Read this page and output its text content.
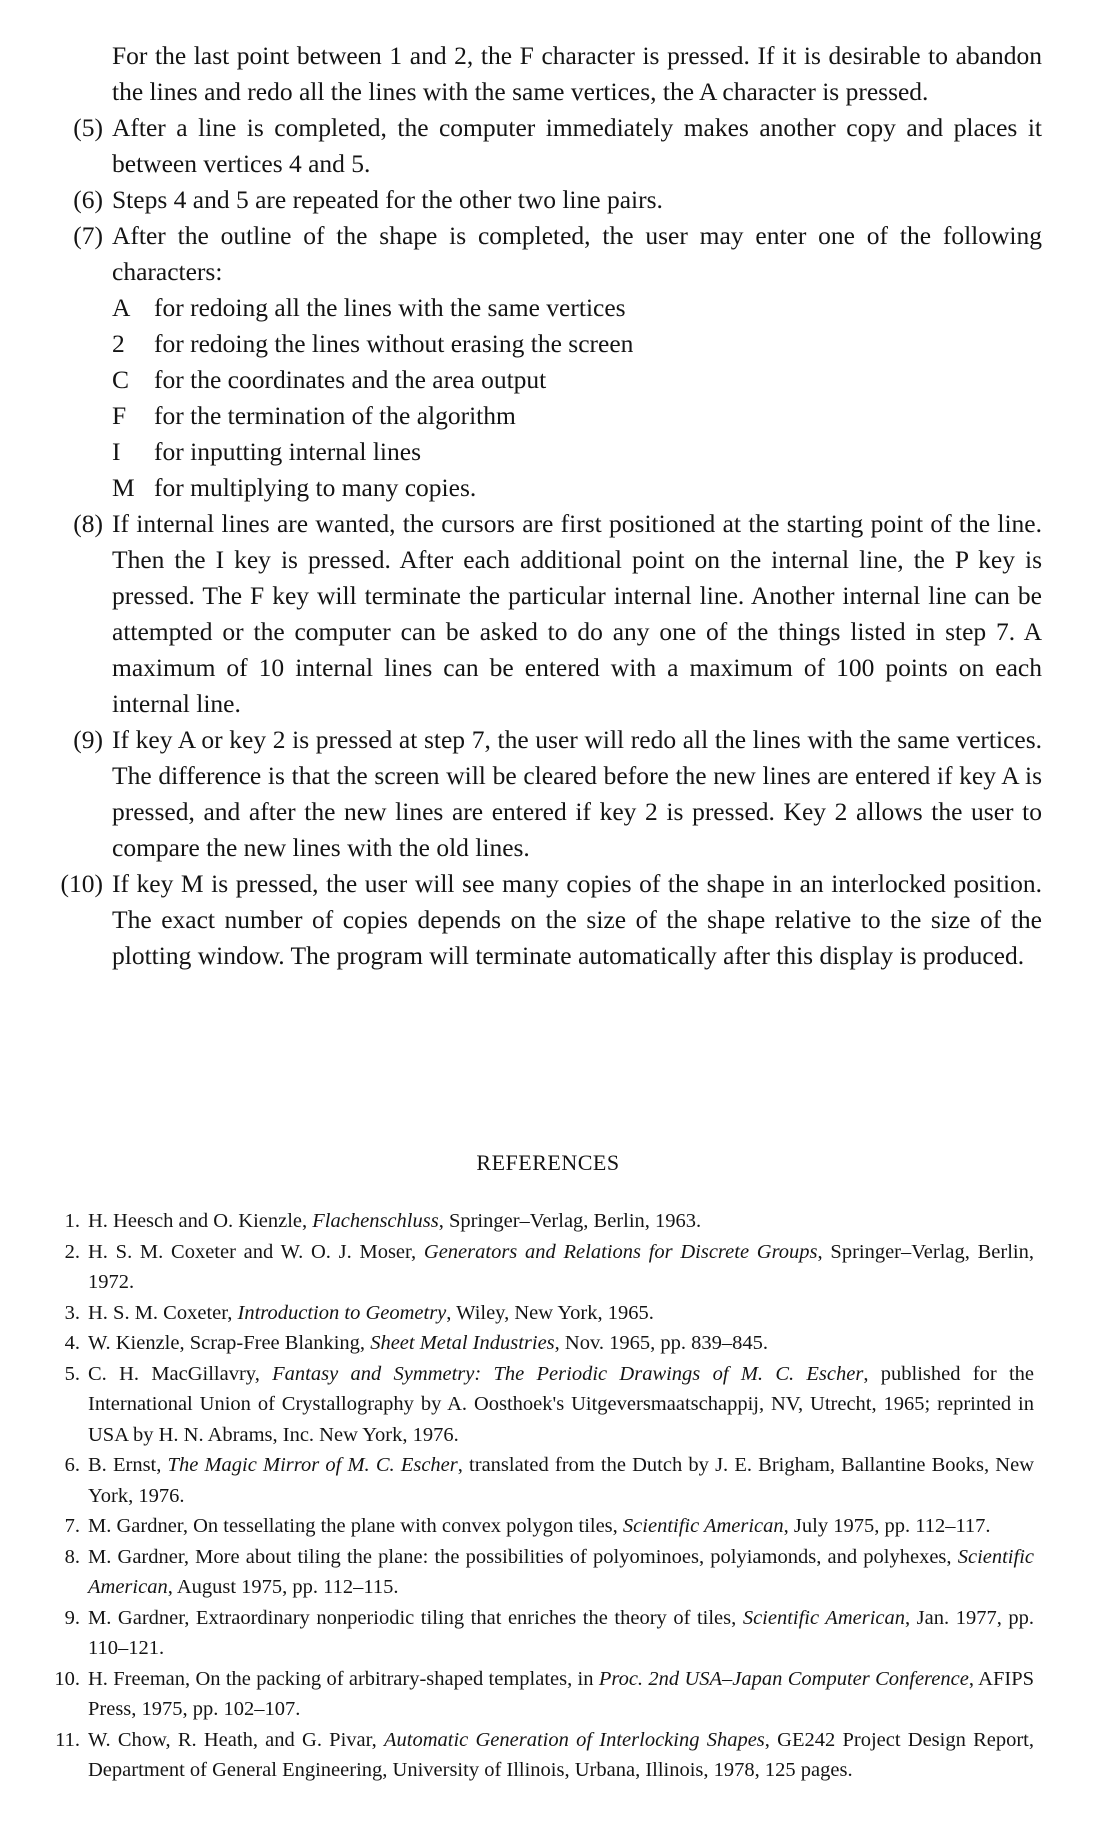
For the last point between 1 and 2, the F character is pressed. If it is desirable to abandon the lines and redo all the lines with the same vertices, the A character is pressed.

(5) After a line is completed, the computer immediately makes another copy and places it between vertices 4 and 5.

(6) Steps 4 and 5 are repeated for the other two line pairs.

(7) After the outline of the shape is completed, the user may enter one of the following characters:

A for redoing all the lines with the same vertices
2 for redoing the lines without erasing the screen
C for the coordinates and the area output
F for the termination of the algorithm
I for inputting internal lines
M for multiplying to many copies.
(8) If internal lines are wanted, the cursors are first positioned at the starting point of the line. Then the I key is pressed. After each additional point on the internal line, the P key is pressed. The F key will terminate the particular internal line. Another internal line can be attempted or the computer can be asked to do any one of the things listed in step 7. A maximum of 10 internal lines can be entered with a maximum of 100 points on each internal line.

(9) If key A or key 2 is pressed at step 7, the user will redo all the lines with the same vertices. The difference is that the screen will be cleared before the new lines are entered if key A is pressed, and after the new lines are entered if key 2 is pressed. Key 2 allows the user to compare the new lines with the old lines.

(10) If key M is pressed, the user will see many copies of the shape in an interlocked position. The exact number of copies depends on the size of the shape relative to the size of the plotting window. The program will terminate automatically after this display is produced.

REFERENCES

1. H. Heesch and O. Kienzle, Flachenschluss, Springer–Verlag, Berlin, 1963.

2. H. S. M. Coxeter and W. O. J. Moser, Generators and Relations for Discrete Groups, Springer–Verlag, Berlin, 1972.

3. H. S. M. Coxeter, Introduction to Geometry, Wiley, New York, 1965.

4. W. Kienzle, Scrap-Free Blanking, Sheet Metal Industries, Nov. 1965, pp. 839–845.

5. C. H. MacGillavry, Fantasy and Symmetry: The Periodic Drawings of M. C. Escher, published for the International Union of Crystallography by A. Oosthoek's Uitgeversmaatschappij, NV, Utrecht, 1965; reprinted in USA by H. N. Abrams, Inc. New York, 1976.

6. B. Ernst, The Magic Mirror of M. C. Escher, translated from the Dutch by J. E. Brigham, Ballantine Books, New York, 1976.

7. M. Gardner, On tessellating the plane with convex polygon tiles, Scientific American, July 1975, pp. 112–117.

8. M. Gardner, More about tiling the plane: the possibilities of polyominoes, polyiamonds, and polyhexes, Scientific American, August 1975, pp. 112–115.

9. M. Gardner, Extraordinary nonperiodic tiling that enriches the theory of tiles, Scientific American, Jan. 1977, pp. 110–121.

10. H. Freeman, On the packing of arbitrary-shaped templates, in Proc. 2nd USA–Japan Computer Conference, AFIPS Press, 1975, pp. 102–107.

11. W. Chow, R. Heath, and G. Pivar, Automatic Generation of Interlocking Shapes, GE242 Project Design Report, Department of General Engineering, University of Illinois, Urbana, Illinois, 1978, 125 pages.
